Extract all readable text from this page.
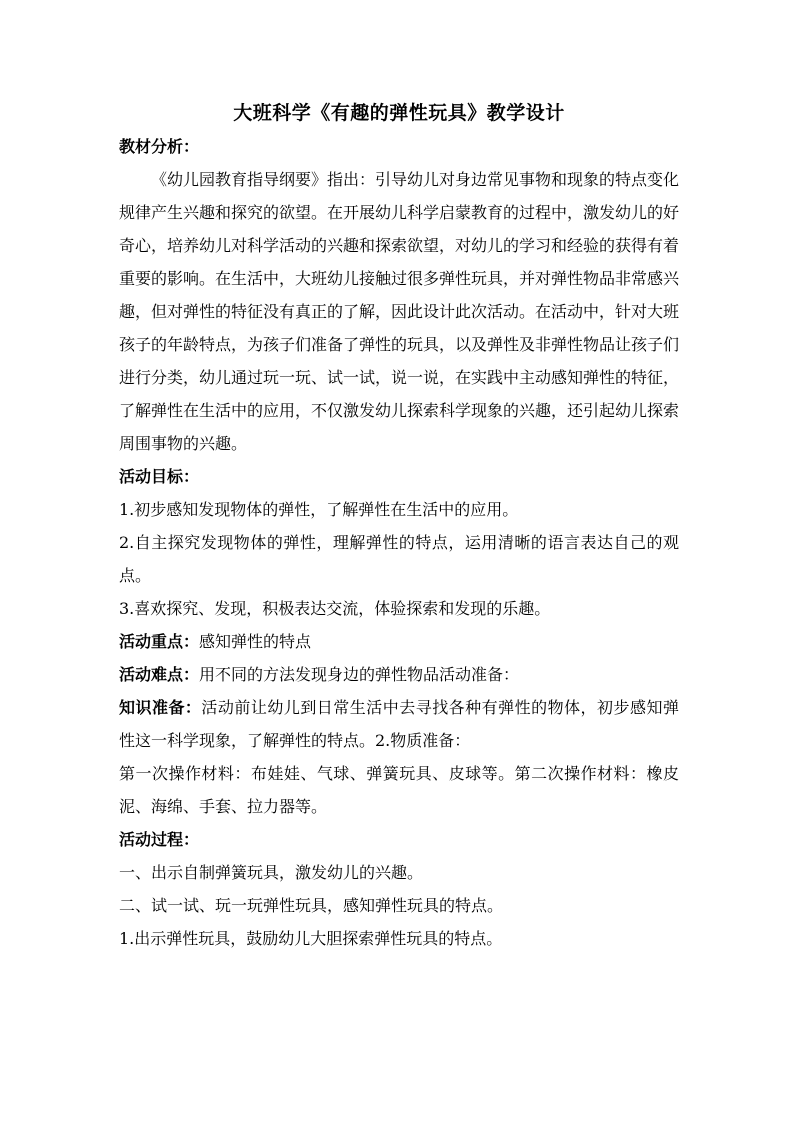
大班科学《有趣的弹性玩具》教学设计
教材分析：

《幼儿园教育指导纲要》指出：引导幼儿对身边常见事物和现象的特点变化规律产生兴趣和探究的欲望。在开展幼儿科学启蒙教育的过程中，激发幼儿的好奇心，培养幼儿对科学活动的兴趣和探索欲望，对幼儿的学习和经验的获得有着重要的影响。在生活中，大班幼儿接触过很多弹性玩具，并对弹性物品非常感兴趣，但对弹性的特征没有真正的了解，因此设计此次活动。在活动中，针对大班孩子的年龄特点，为孩子们准备了弹性的玩具，以及弹性及非弹性物品让孩子们进行分类，幼儿通过玩一玩、试一试，说一说，在实践中主动感知弹性的特征，了解弹性在生活中的应用，不仅激发幼儿探索科学现象的兴趣，还引起幼儿探索周围事物的兴趣。

活动目标：

1.初步感知发现物体的弹性，了解弹性在生活中的应用。

2.自主探究发现物体的弹性，理解弹性的特点，运用清晰的语言表达自己的观点。

3.喜欢探究、发现，积极表达交流，体验探索和发现的乐趣。

活动重点：感知弹性的特点

活动难点：用不同的方法发现身边的弹性物品活动准备：

知识准备：活动前让幼儿到日常生活中去寻找各种有弹性的物体，初步感知弹性这一科学现象，了解弹性的特点。2.物质准备：

第一次操作材料：布娃娃、气球、弹簧玩具、皮球等。第二次操作材料：橡皮泥、海绵、手套、拉力器等。

活动过程：

一、出示自制弹簧玩具，激发幼儿的兴趣。

二、试一试、玩一玩弹性玩具，感知弹性玩具的特点。

1.出示弹性玩具，鼓励幼儿大胆探索弹性玩具的特点。
